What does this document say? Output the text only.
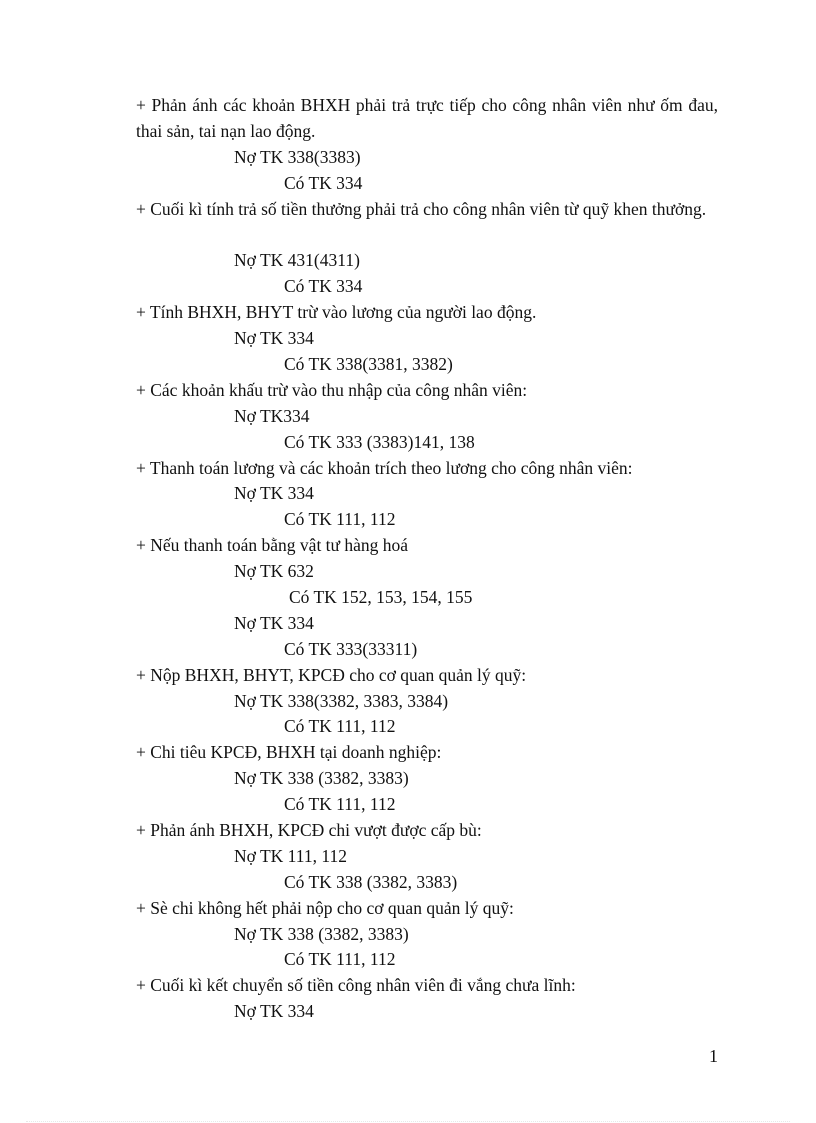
+ Phản ánh các khoản BHXH phải trả trực tiếp cho công nhân viên như ốm đau, thai sản, tai nạn lao động.
Nợ TK 338(3383)
Có TK 334
+ Cuối kì tính trả số tiền thưởng phải trả cho công nhân viên từ quỹ khen thưởng.
Nợ TK 431(4311)
Có TK 334
+ Tính BHXH, BHYT trừ vào lương của người lao động.
Nợ TK 334
Có TK 338(3381, 3382)
+ Các khoản khấu trừ vào thu nhập của công nhân viên:
Nợ TK334
Có TK 333 (3383)141, 138
+ Thanh toán lương và các khoản trích theo lương cho công nhân viên:
Nợ TK 334
Có TK 111, 112
+ Nếu thanh toán bằng vật tư hàng hoá
Nợ TK 632
Có TK 152, 153, 154, 155
Nợ TK 334
Có TK 333(33311)
+ Nộp BHXH, BHYT, KPCĐ cho cơ quan quản lý quỹ:
Nợ TK 338(3382, 3383, 3384)
Có TK 111, 112
+ Chi tiêu KPCĐ, BHXH tại doanh nghiệp:
Nợ TK 338 (3382, 3383)
Có TK 111, 112
+ Phản ánh BHXH, KPCĐ chi vượt được cấp bù:
Nợ TK 111, 112
Có TK 338 (3382, 3383)
+ Sè chi không hết phải nộp cho cơ quan quản lý quỹ:
Nợ TK 338 (3382, 3383)
Có TK 111, 112
+ Cuối kì kết chuyển số tiền công nhân viên đi vắng chưa lĩnh:
Nợ TK 334
1
